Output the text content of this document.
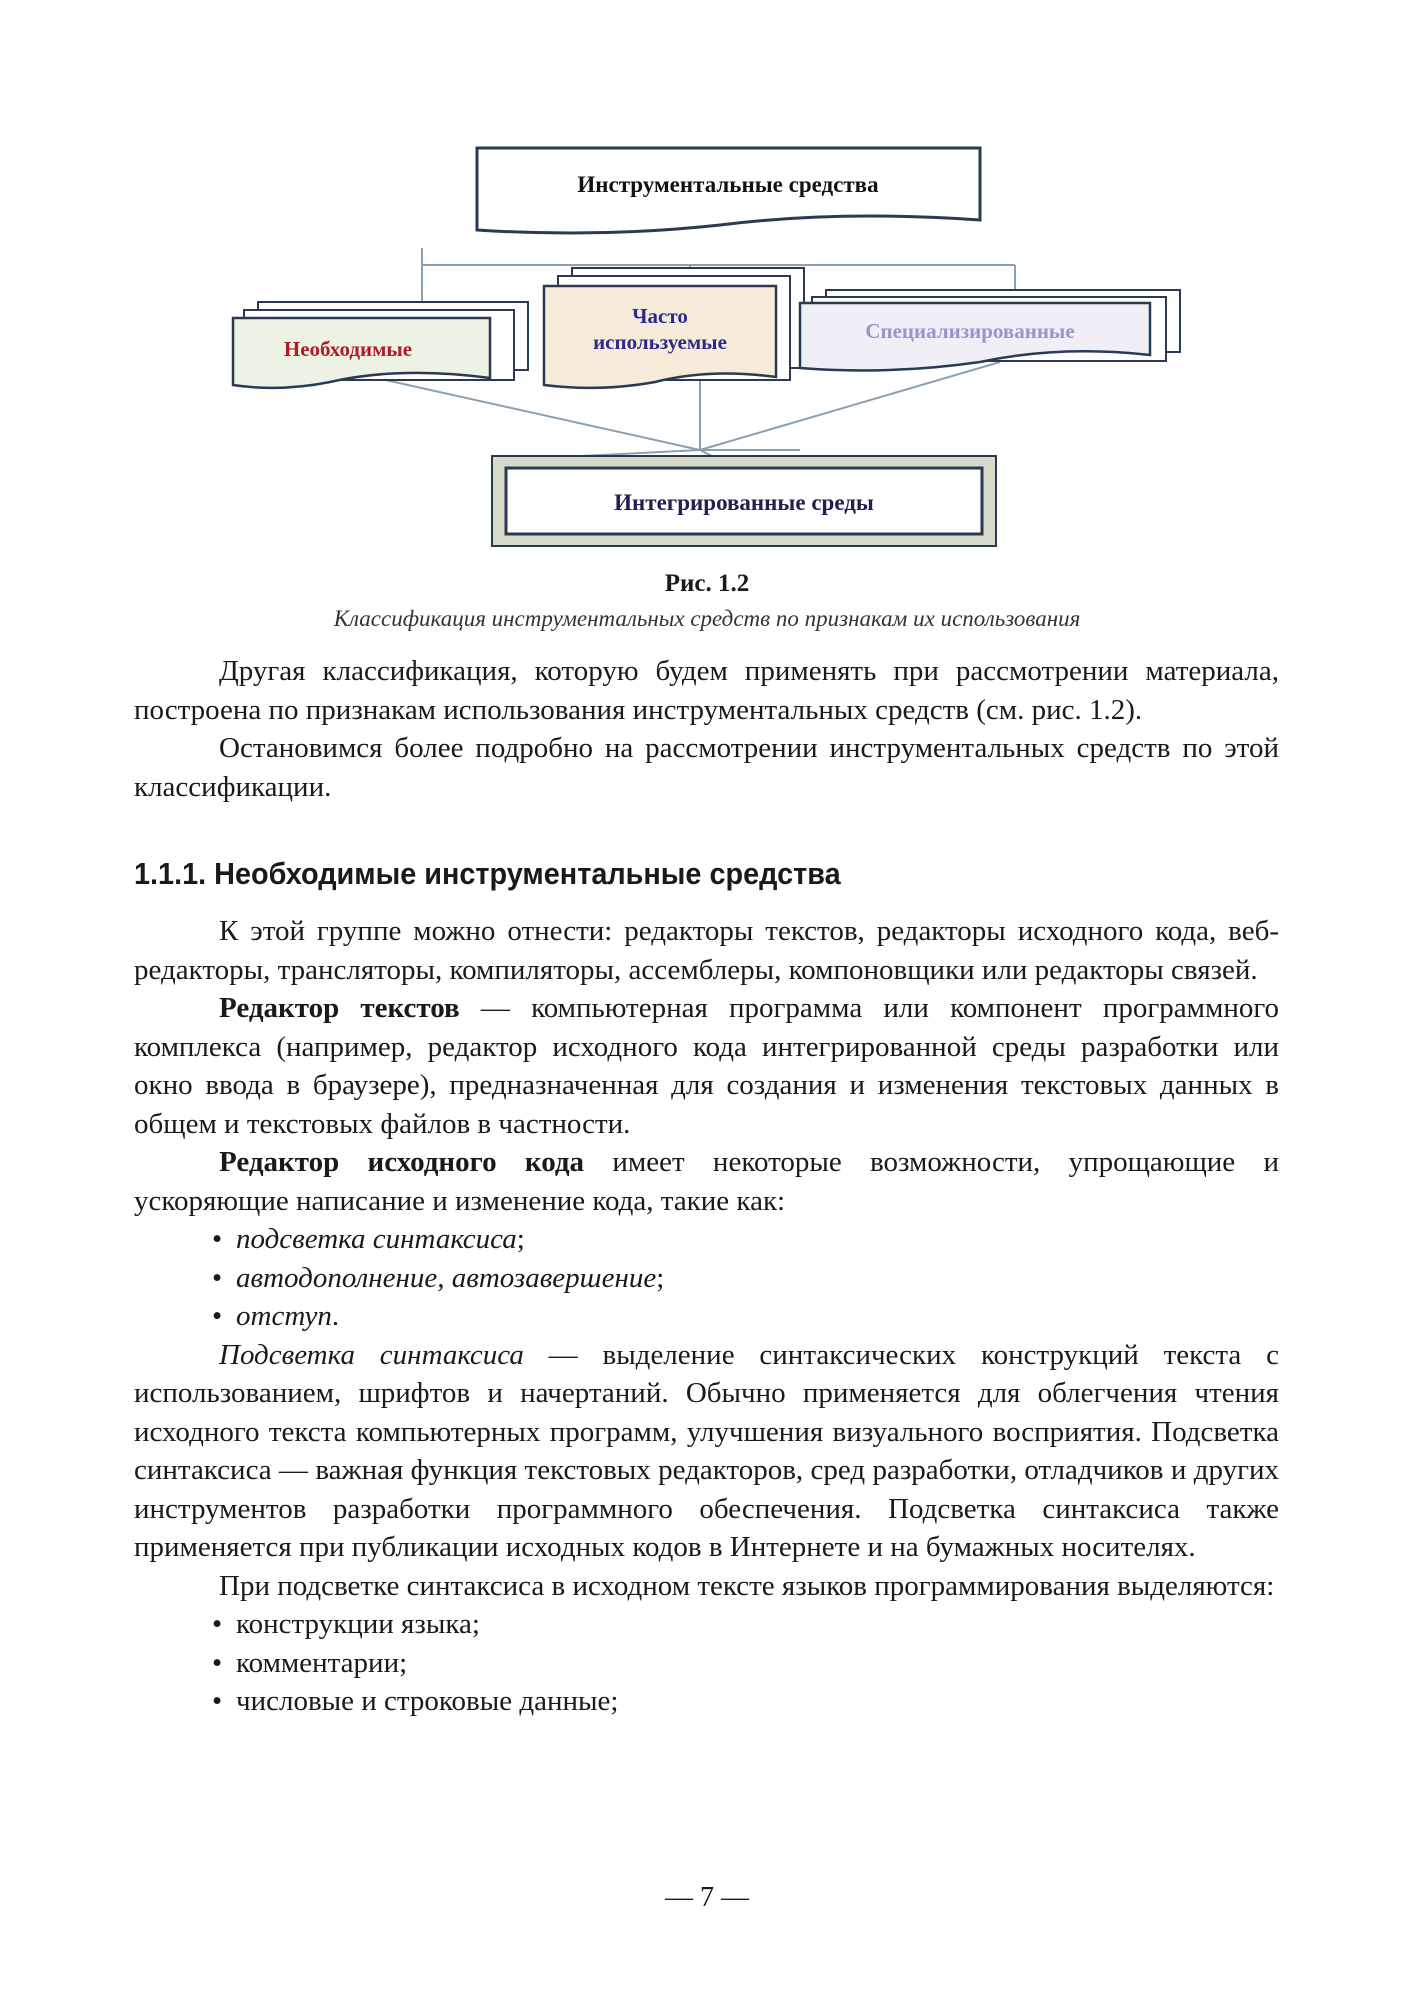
Инструментальные средства
Необходимые
Часто
используемые	Специализированные
Интегрированные среды
Рис. 1.2
Классификация инструментальных средств по признакам их использования

Другая классификация, которую будем применять при рассмотрении материала, построена по признакам использования инструментальных средств (см. рис. 1.2).

Остановимся более подробно на рассмотрении инструментальных средств по этой классификации.

1.1.1. Необходимые инструментальные средства

К этой группе можно отнести: редакторы текстов, редакторы исходного кода, веб-редакторы, трансляторы, компиляторы, ассемблеры, компоновщики или редакторы связей.

Редактор текстов — компьютерная программа или компонент программного комплекса (например, редактор исходного кода интегрированной среды разработки или окно ввода в браузере), предназначенная для создания и изменения текстовых данных в общем и текстовых файлов в частности.

Редактор исходного кода имеет некоторые возможности, упрощающие и ускоряющие написание и изменение кода, такие как:

• подсветка синтаксиса;

• автодополнение, автозавершение;

• отступ.

Подсветка синтаксиса — выделение синтаксических конструкций текста с использованием, шрифтов и начертаний. Обычно применяется для облегчения чтения исходного текста компьютерных программ, улучшения визуального восприятия. Подсветка синтаксиса — важная функция текстовых редакторов, сред разработки, отладчиков и других инструментов разработки программного обеспечения. Подсветка синтаксиса также применяется при публикации исходных кодов в Интернете и на бумажных носителях.

При подсветке синтаксиса в исходном тексте языков программирования выделяются:

• конструкции языка;

• комментарии;

• числовые и строковые данные;

— 7 —
